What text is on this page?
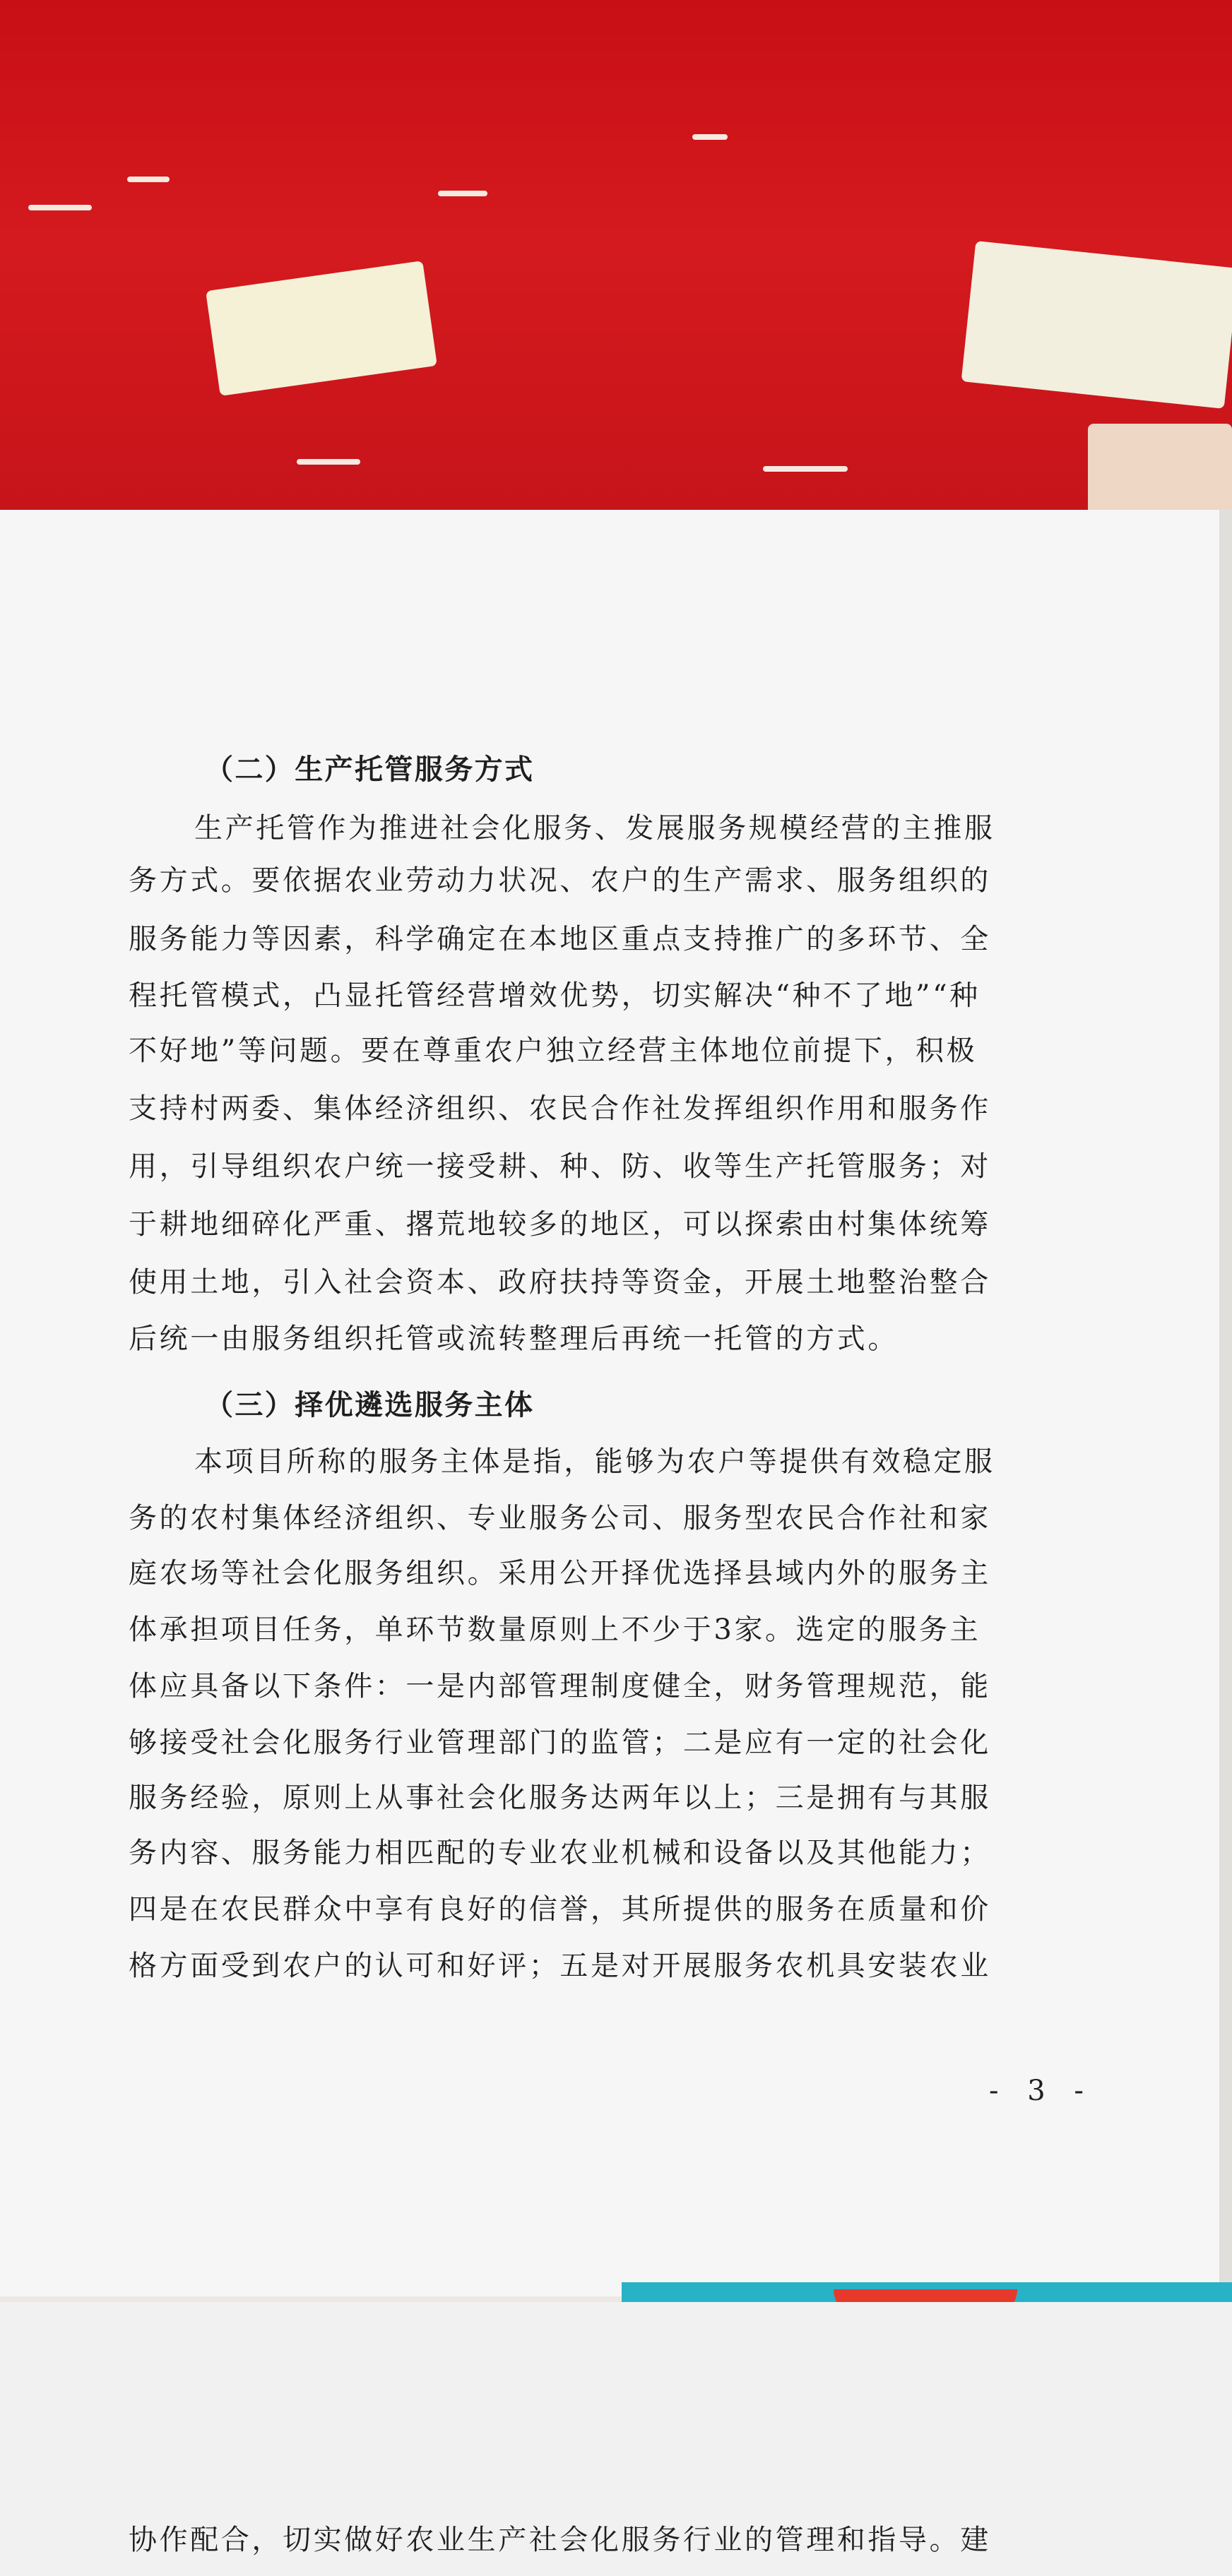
（二）生产托管服务方式
生产托管作为推进社会化服务、发展服务规模经营的主推服
务方式。要依据农业劳动力状况、农户的生产需求、服务组织的
服务能力等因素，科学确定在本地区重点支持推广的多环节、全
程托管模式，凸显托管经营增效优势，切实解决“种不了地”“种
不好地”等问题。要在尊重农户独立经营主体地位前提下，积极
支持村两委、集体经济组织、农民合作社发挥组织作用和服务作
用，引导组织农户统一接受耕、种、防、收等生产托管服务；对
于耕地细碎化严重、撂荒地较多的地区，可以探索由村集体统筹
使用土地，引入社会资本、政府扶持等资金，开展土地整治整合
后统一由服务组织托管或流转整理后再统一托管的方式。
（三）择优遴选服务主体
本项目所称的服务主体是指，能够为农户等提供有效稳定服
务的农村集体经济组织、专业服务公司、服务型农民合作社和家
庭农场等社会化服务组织。采用公开择优选择县域内外的服务主
体承担项目任务，单环节数量原则上不少于3家。选定的服务主
体应具备以下条件：一是内部管理制度健全，财务管理规范，能
够接受社会化服务行业管理部门的监管；二是应有一定的社会化
服务经验，原则上从事社会化服务达两年以上；三是拥有与其服
务内容、服务能力相匹配的专业农业机械和设备以及其他能力；
四是在农民群众中享有良好的信誉，其所提供的服务在质量和价
格方面受到农户的认可和好评；五是对开展服务农机具安装农业
- 3 -
协作配合，切实做好农业生产社会化服务行业的管理和指导。建
